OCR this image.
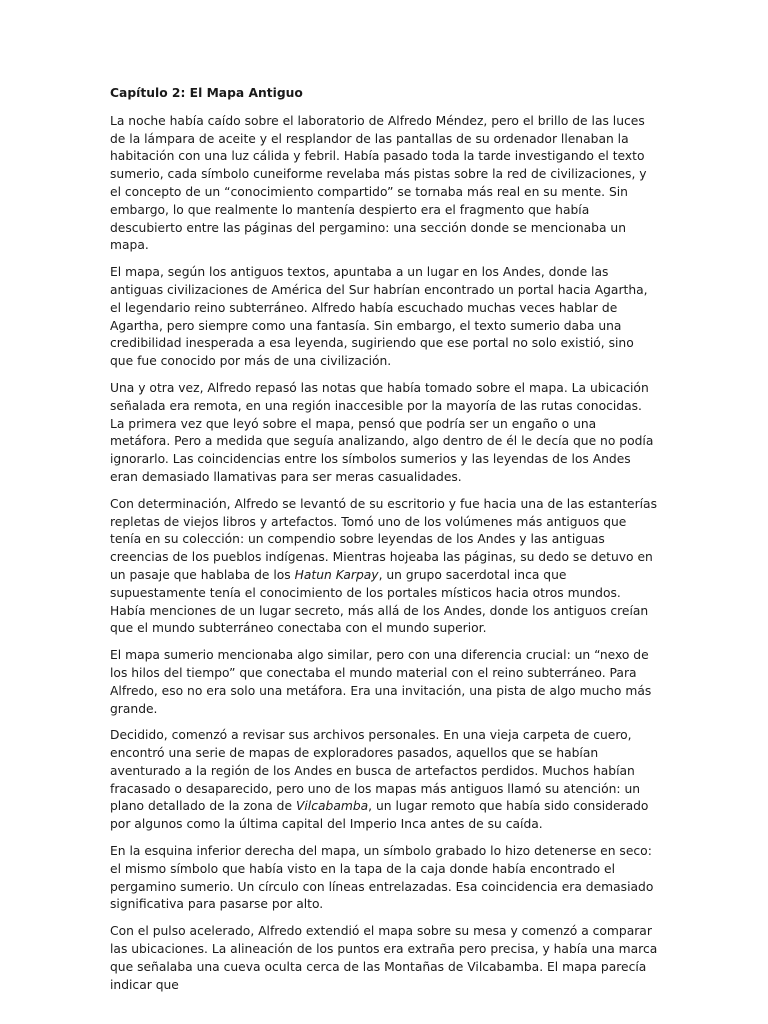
Capítulo 2: El Mapa Antiguo

La noche había caído sobre el laboratorio de Alfredo Méndez, pero el brillo de las luces de la lámpara de aceite y el resplandor de las pantallas de su ordenador llenaban la habitación con una luz cálida y febril. Había pasado toda la tarde investigando el texto sumerio, cada símbolo cuneiforme revelaba más pistas sobre la red de civilizaciones, y el concepto de un “conocimiento compartido” se tornaba más real en su mente. Sin embargo, lo que realmente lo mantenía despierto era el fragmento que había descubierto entre las páginas del pergamino: una sección donde se mencionaba un mapa.

El mapa, según los antiguos textos, apuntaba a un lugar en los Andes, donde las antiguas civilizaciones de América del Sur habrían encontrado un portal hacia Agartha, el legendario reino subterráneo. Alfredo había escuchado muchas veces hablar de Agartha, pero siempre como una fantasía. Sin embargo, el texto sumerio daba una credibilidad inesperada a esa leyenda, sugiriendo que ese portal no solo existió, sino que fue conocido por más de una civilización.

Una y otra vez, Alfredo repasó las notas que había tomado sobre el mapa. La ubicación señalada era remota, en una región inaccesible por la mayoría de las rutas conocidas. La primera vez que leyó sobre el mapa, pensó que podría ser un engaño o una metáfora. Pero a medida que seguía analizando, algo dentro de él le decía que no podía ignorarlo. Las coincidencias entre los símbolos sumerios y las leyendas de los Andes eran demasiado llamativas para ser meras casualidades.

Con determinación, Alfredo se levantó de su escritorio y fue hacia una de las estanterías repletas de viejos libros y artefactos. Tomó uno de los volúmenes más antiguos que tenía en su colección: un compendio sobre leyendas de los Andes y las antiguas creencias de los pueblos indígenas. Mientras hojeaba las páginas, su dedo se detuvo en un pasaje que hablaba de los Hatun Karpay, un grupo sacerdotal inca que supuestamente tenía el conocimiento de los portales místicos hacia otros mundos. Había menciones de un lugar secreto, más allá de los Andes, donde los antiguos creían que el mundo subterráneo conectaba con el mundo superior.

El mapa sumerio mencionaba algo similar, pero con una diferencia crucial: un “nexo de los hilos del tiempo” que conectaba el mundo material con el reino subterráneo. Para Alfredo, eso no era solo una metáfora. Era una invitación, una pista de algo mucho más grande.

Decidido, comenzó a revisar sus archivos personales. En una vieja carpeta de cuero, encontró una serie de mapas de exploradores pasados, aquellos que se habían aventurado a la región de los Andes en busca de artefactos perdidos. Muchos habían fracasado o desaparecido, pero uno de los mapas más antiguos llamó su atención: un plano detallado de la zona de Vilcabamba, un lugar remoto que había sido considerado por algunos como la última capital del Imperio Inca antes de su caída.

En la esquina inferior derecha del mapa, un símbolo grabado lo hizo detenerse en seco: el mismo símbolo que había visto en la tapa de la caja donde había encontrado el pergamino sumerio. Un círculo con líneas entrelazadas. Esa coincidencia era demasiado significativa para pasarse por alto.

Con el pulso acelerado, Alfredo extendió el mapa sobre su mesa y comenzó a comparar las ubicaciones. La alineación de los puntos era extraña pero precisa, y había una marca que señalaba una cueva oculta cerca de las Montañas de Vilcabamba. El mapa parecía indicar que
